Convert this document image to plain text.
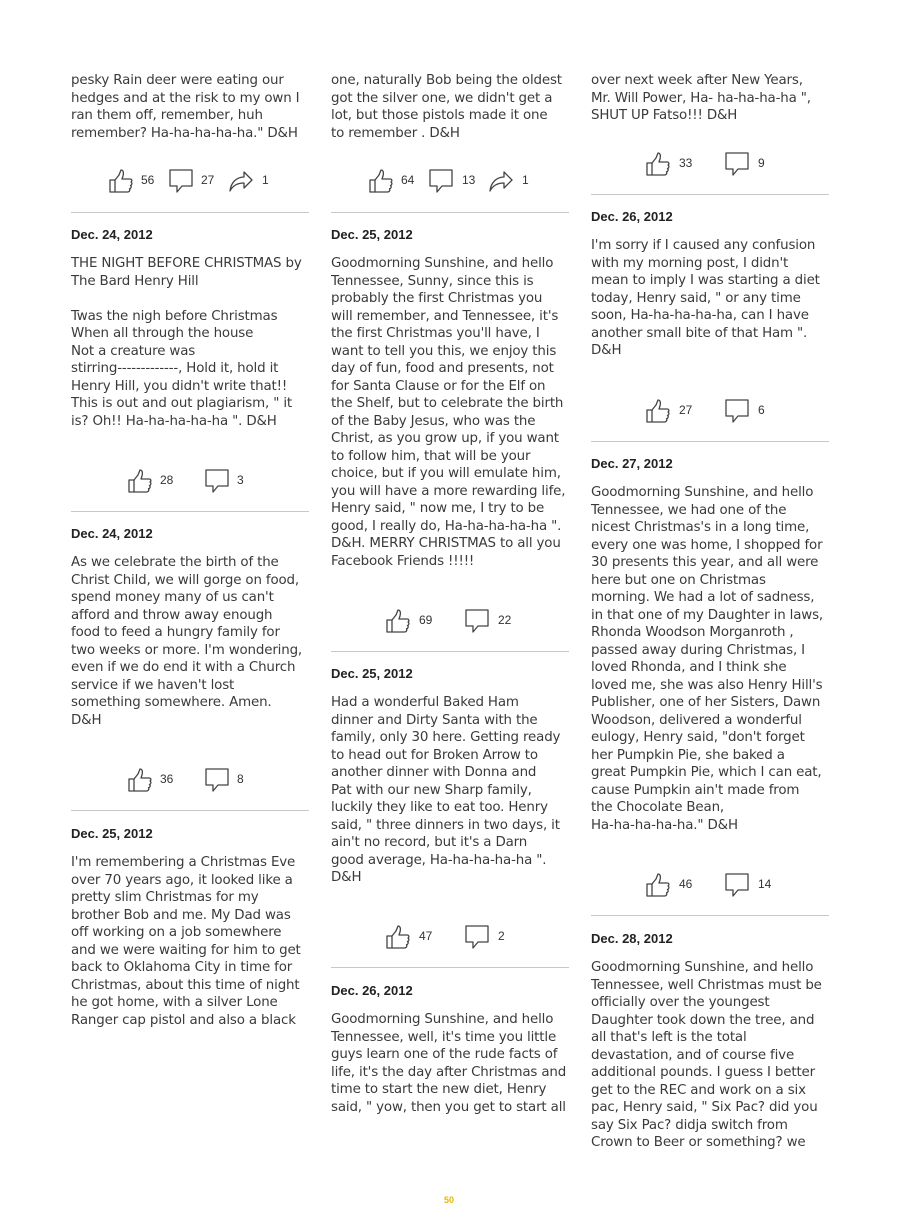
pesky Rain deer were eating our
hedges and at the risk to my own I
ran them off, remember, huh
remember? Ha-ha-ha-ha-ha." D&H
56	27	1
Dec. 24, 2012
THE NIGHT BEFORE CHRISTMAS by
The Bard Henry Hill

Twas the nigh before Christmas
When all through the house
Not a creature was
stirring-------------, Hold it, hold it
Henry Hill, you didn't write that!!
This is out and out plagiarism, " it
is? Oh!! Ha-ha-ha-ha-ha ". D&H
28	3
Dec. 24, 2012
As we celebrate the birth of the
Christ Child, we will gorge on food,
spend money many of us can't
afford and throw away enough
food to feed a hungry family for
two weeks or more. I'm wondering,
even if we do end it with a Church
service if we haven't lost
something somewhere. Amen.
D&H
36	8
Dec. 25, 2012
I'm remembering a Christmas Eve
over 70 years ago, it looked like a
pretty slim Christmas for my
brother Bob and me. My Dad was
off working on a job somewhere
and we were waiting for him to get
back to Oklahoma City in time for
Christmas, about this time of night
he got home, with a silver Lone
Ranger cap pistol and also a black
one, naturally Bob being the oldest
got the silver one, we didn't get a
lot, but those pistols made it one
to remember . D&H
64	13	1
Dec. 25, 2012
Goodmorning Sunshine, and hello
Tennessee, Sunny, since this is
probably the first Christmas you
will remember, and Tennessee, it's
the first Christmas you'll have, I
want to tell you this, we enjoy this
day of fun, food and presents, not
for Santa Clause or for the Elf on
the Shelf, but to celebrate the birth
of the Baby Jesus, who was the
Christ, as you grow up, if you want
to follow him, that will be your
choice, but if you will emulate him,
you will have a more rewarding life,
Henry said, " now me, I try to be
good, I really do, Ha-ha-ha-ha-ha ".
D&H. MERRY CHRISTMAS to all you
Facebook Friends !!!!!
69	22
Dec. 25, 2012
Had a wonderful Baked Ham
dinner and Dirty Santa with the
family, only 30 here. Getting ready
to head out for Broken Arrow to
another dinner with Donna and
Pat with our new Sharp family,
luckily they like to eat too. Henry
said, " three dinners in two days, it
ain't no record, but it's a Darn
good average, Ha-ha-ha-ha-ha ".
D&H
47	2
Dec. 26, 2012
Goodmorning Sunshine, and hello
Tennessee, well, it's time you little
guys learn one of the rude facts of
life, it's the day after Christmas and
time to start the new diet, Henry
said, " yow, then you get to start all
over next week after New Years,
Mr. Will Power, Ha- ha-ha-ha-ha ",
SHUT UP Fatso!!! D&H
33	9
Dec. 26, 2012
I'm sorry if I caused any confusion
with my morning post, I didn't
mean to imply I was starting a diet
today, Henry said, " or any time
soon, Ha-ha-ha-ha-ha, can I have
another small bite of that Ham ".
D&H
27	6
Dec. 27, 2012
Goodmorning Sunshine, and hello
Tennessee, we had one of the
nicest Christmas's in a long time,
every one was home, I shopped for
30 presents this year, and all were
here but one on Christmas
morning. We had a lot of sadness,
in that one of my Daughter in laws,
Rhonda Woodson Morganroth ,
passed away during Christmas, I
loved Rhonda, and I think she
loved me, she was also Henry Hill's
Publisher, one of her Sisters, Dawn
Woodson, delivered a wonderful
eulogy, Henry said, "don't forget
her Pumpkin Pie, she baked a
great Pumpkin Pie, which I can eat,
cause Pumpkin ain't made from
the Chocolate Bean,
Ha-ha-ha-ha-ha." D&H
46	14
Dec. 28, 2012
Goodmorning Sunshine, and hello
Tennessee, well Christmas must be
officially over the youngest
Daughter took down the tree, and
all that's left is the total
devastation, and of course five
additional pounds. I guess I better
get to the REC and work on a six
pac, Henry said, " Six Pac? did you
say Six Pac? didja switch from
Crown to Beer or something? we
50
